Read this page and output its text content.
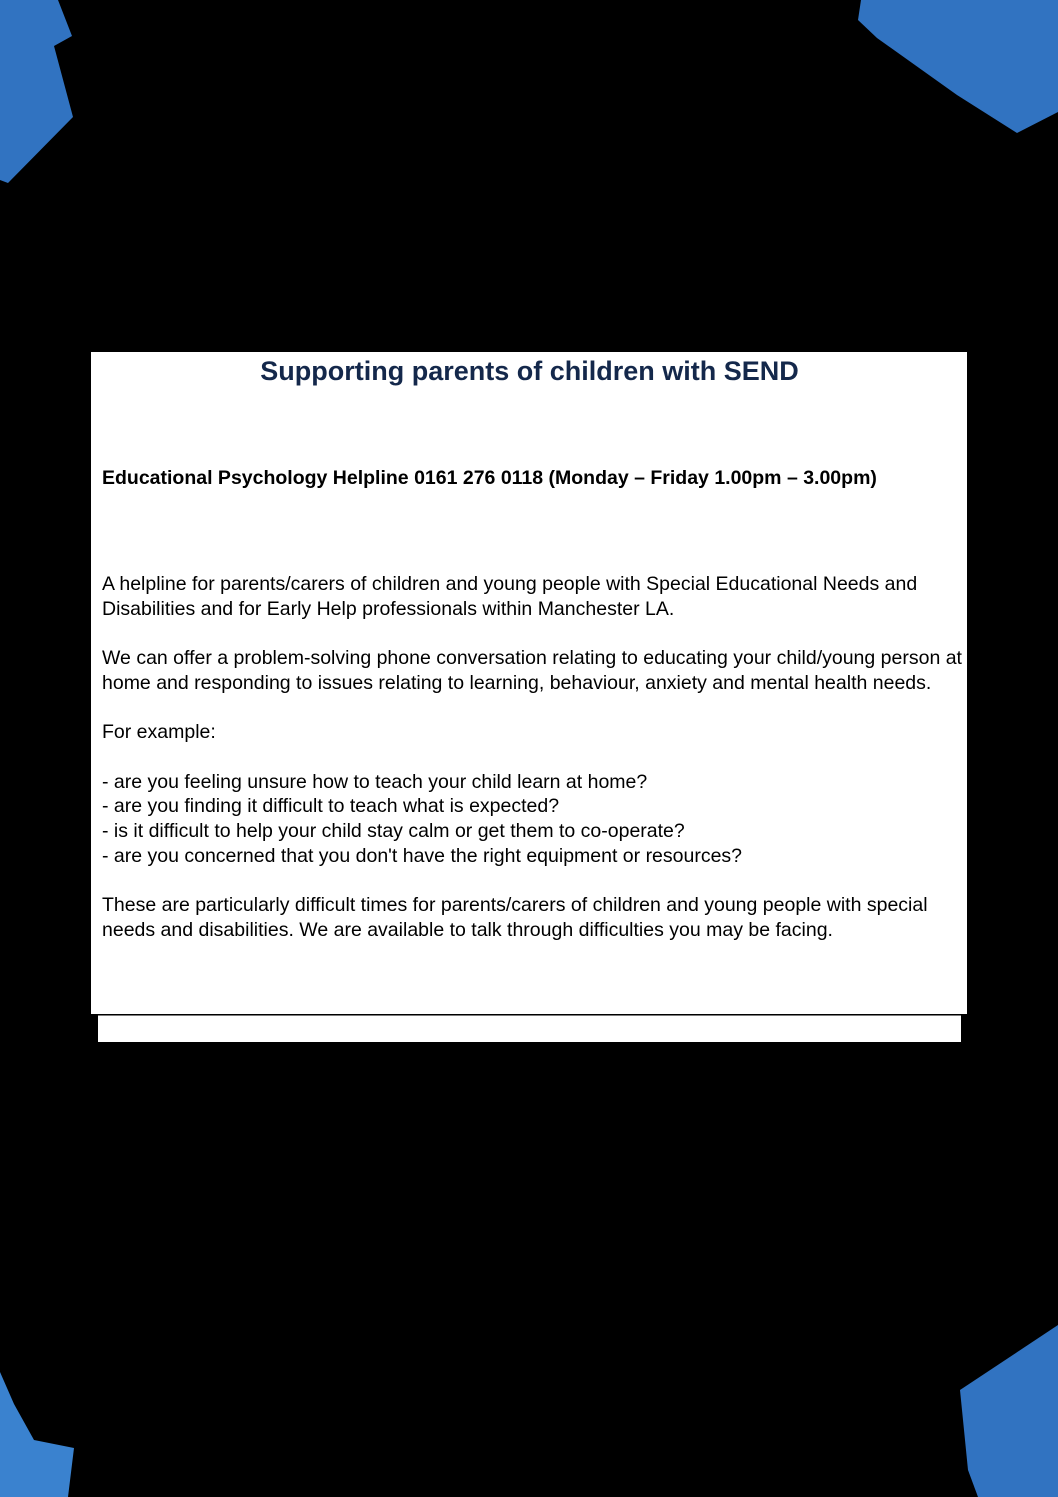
Supporting parents of children with SEND

Educational Psychology Helpline 0161 276 0118 (Monday – Friday 1.00pm – 3.00pm)

A helpline for parents/carers of children and young people with Special Educational Needs and Disabilities and for Early Help professionals within Manchester LA.

We can offer a problem-solving phone conversation relating to educating your child/young person at home and responding to issues relating to learning, behaviour, anxiety and mental health needs.

For example:

- are you feeling unsure how to teach your child learn at home?
- are you finding it difficult to teach what is expected?
- is it difficult to help your child stay calm or get them to co-operate?
- are you concerned that you don't have the right equipment or resources?

These are particularly difficult times for parents/carers of children and young people with special needs and disabilities. We are available to talk through difficulties you may be facing.
